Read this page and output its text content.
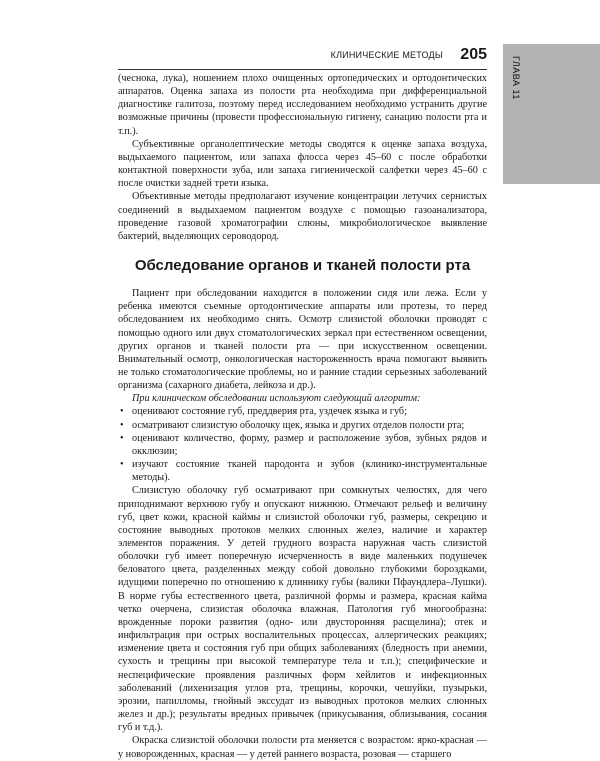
КЛИНИЧЕСКИЕ МЕТОДЫ 205
ГЛАВА 11

(чеснока, лука), ношением плохо очищенных ортопедических и ортодонтических аппаратов. Оценка запаха из полости рта необходима при дифференциальной диагностике галитоза, поэтому перед исследованием необходимо устранить другие возможные причины (провести профессиональную гигиену, санацию полости рта и т.п.).

Субъективные органолептические методы сводятся к оценке запаха воздуха, выдыхаемого пациентом, или запаха флосса через 45–60 с после обработки контактной поверхности зуба, или запаха гигиенической салфетки через 45–60 с после очистки задней трети языка.

Объективные методы предполагают изучение концентрации летучих сернистых соединений в выдыхаемом пациентом воздухе с помощью газоанализатора, проведение газовой хроматографии слюны, микробиологическое выявление бактерий, выделяющих сероводород.

Обследование органов и тканей полости рта

Пациент при обследовании находится в положении сидя или лежа. Если у ребенка имеются съемные ортодонтические аппараты или протезы, то перед обследованием их необходимо снять. Осмотр слизистой оболочки проводят с помощью одного или двух стоматологических зеркал при естественном освещении, других органов и тканей полости рта — при искусственном освещении. Внимательный осмотр, онкологическая настороженность врача помогают выявить не только стоматологические проблемы, но и ранние стадии серьезных заболеваний организма (сахарного диабета, лейкоза и др.).

При клиническом обследовании используют следующий алгоритм:

• оценивают состояние губ, преддверия рта, уздечек языка и губ;
• осматривают слизистую оболочку щек, языка и других отделов полости рта;
• оценивают количество, форму, размер и расположение зубов, зубных рядов и окклюзии;
• изучают состояние тканей пародонта и зубов (клинико-инструментальные методы).

Слизистую оболочку губ осматривают при сомкнутых челюстях, для чего приподнимают верхнюю губу и опускают нижнюю. Отмечают рельеф и величину губ, цвет кожи, красной каймы и слизистой оболочки губ, размеры, секрецию и состояние выводных протоков мелких слюнных желез, наличие и характер элементов поражения. У детей грудного возраста наружная часть слизистой оболочки губ имеет поперечную исчерченность в виде маленьких подушечек беловатого цвета, разделенных между собой довольно глубокими бороздками, идущими поперечно по отношению к длиннику губы (валики Пфаундлера–Лушки). В норме губы естественного цвета, различной формы и размера, красная кайма четко очерчена, слизистая оболочка влажная. Патология губ многообразна: врожденные пороки развития (одно- или двусторонняя расщелина); отек и инфильтрация при острых воспалительных процессах, аллергических реакциях; изменение цвета и состояния губ при общих заболеваниях (бледность при анемии, сухость и трещины при высокой температуре тела и т.п.); специфические и неспецифические проявления различных форм хейлитов и инфекционных заболеваний (лихенизация углов рта, трещины, корочки, чешуйки, пузырьки, эрозии, папилломы, гнойный экссудат из выводных протоков мелких слюнных желез и др.); результаты вредных привычек (прикусывания, облизывания, сосания губ и т.д.).

Окраска слизистой оболочки полости рта меняется с возрастом: ярко-красная — у новорожденных, красная — у детей раннего возраста, розовая — старшего
